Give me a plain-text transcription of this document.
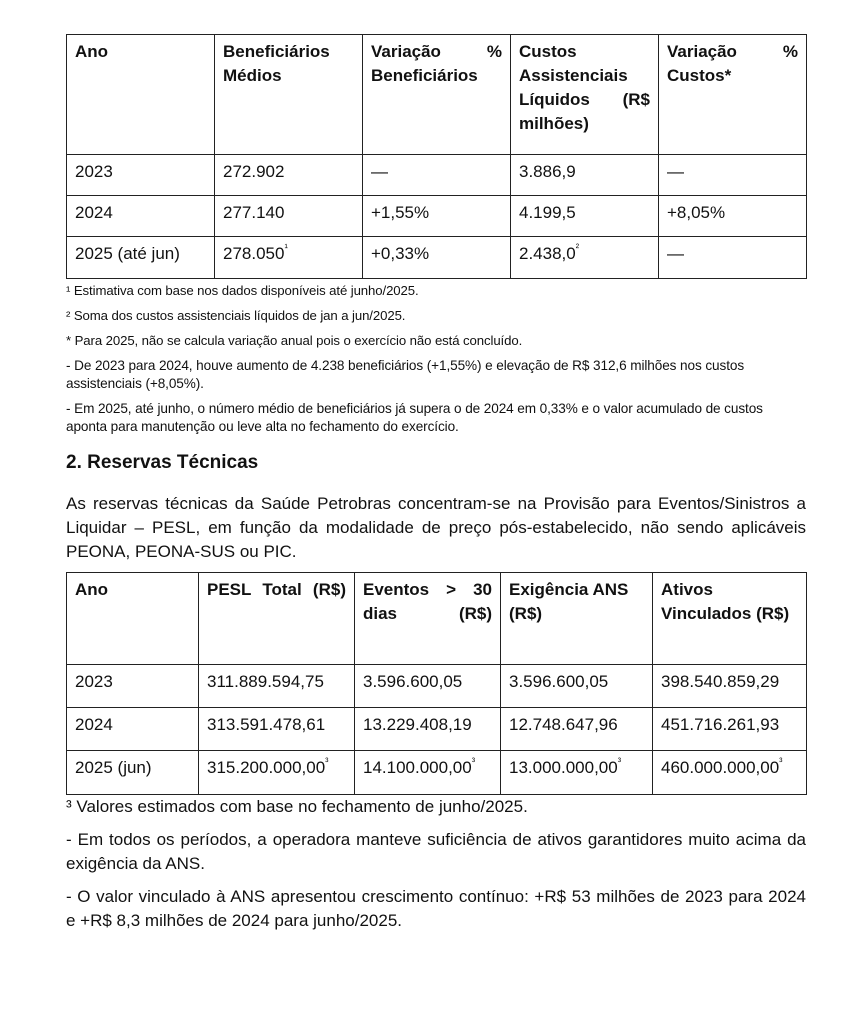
Ano	Beneficiários Médios	Variação % Beneficiários	Custos Assistenciais Líquidos (R$ milhões)	Variação % Custos*
2023	272.902	—	3.886,9	—
2024	277.140	+1,55%	4.199,5	+8,05%
2025 (até jun)	$278.050^{^1}$	+0,33%	$2.438,0^{^2}$	—

¹ Estimativa com base nos dados disponíveis até junho/2025.

² Soma dos custos assistenciais líquidos de jan a jun/2025.

* Para 2025, não se calcula variação anual pois o exercício não está concluído.

- De 2023 para 2024, houve aumento de 4.238 beneficiários (+1,55%) e elevação de R$ 312,6 milhões nos custos assistenciais (+8,05%).

- Em 2025, até junho, o número médio de beneficiários já supera o de 2024 em 0,33% e o valor acumulado de custos aponta para manutenção ou leve alta no fechamento do exercício.

2. Reservas Técnicas

As reservas técnicas da Saúde Petrobras concentram-se na Provisão para Eventos/Sinistros a Liquidar – PESL, em função da modalidade de preço pós-estabelecido, não sendo aplicáveis PEONA, PEONA-SUS ou PIC.

Ano	PESL Total (R$)	Eventos > 30 dias (R$)	Exigência ANS (R$)	Ativos Vinculados (R$)
2023	311.889.594,75	3.596.600,05	3.596.600,05	398.540.859,29
2024	313.591.478,61	13.229.408,19	12.748.647,96	451.716.261,93
2025 (jun)	$315.200.000,00^{^3}$	$14.100.000,00^{^3}$	$13.000.000,00^{^3}$	$460.000.000,00^{^3}$

³ Valores estimados com base no fechamento de junho/2025.

- Em todos os períodos, a operadora manteve suficiência de ativos garantidores muito acima da exigência da ANS.

- O valor vinculado à ANS apresentou crescimento contínuo: +R$ 53 milhões de 2023 para 2024 e +R$ 8,3 milhões de 2024 para junho/2025.
